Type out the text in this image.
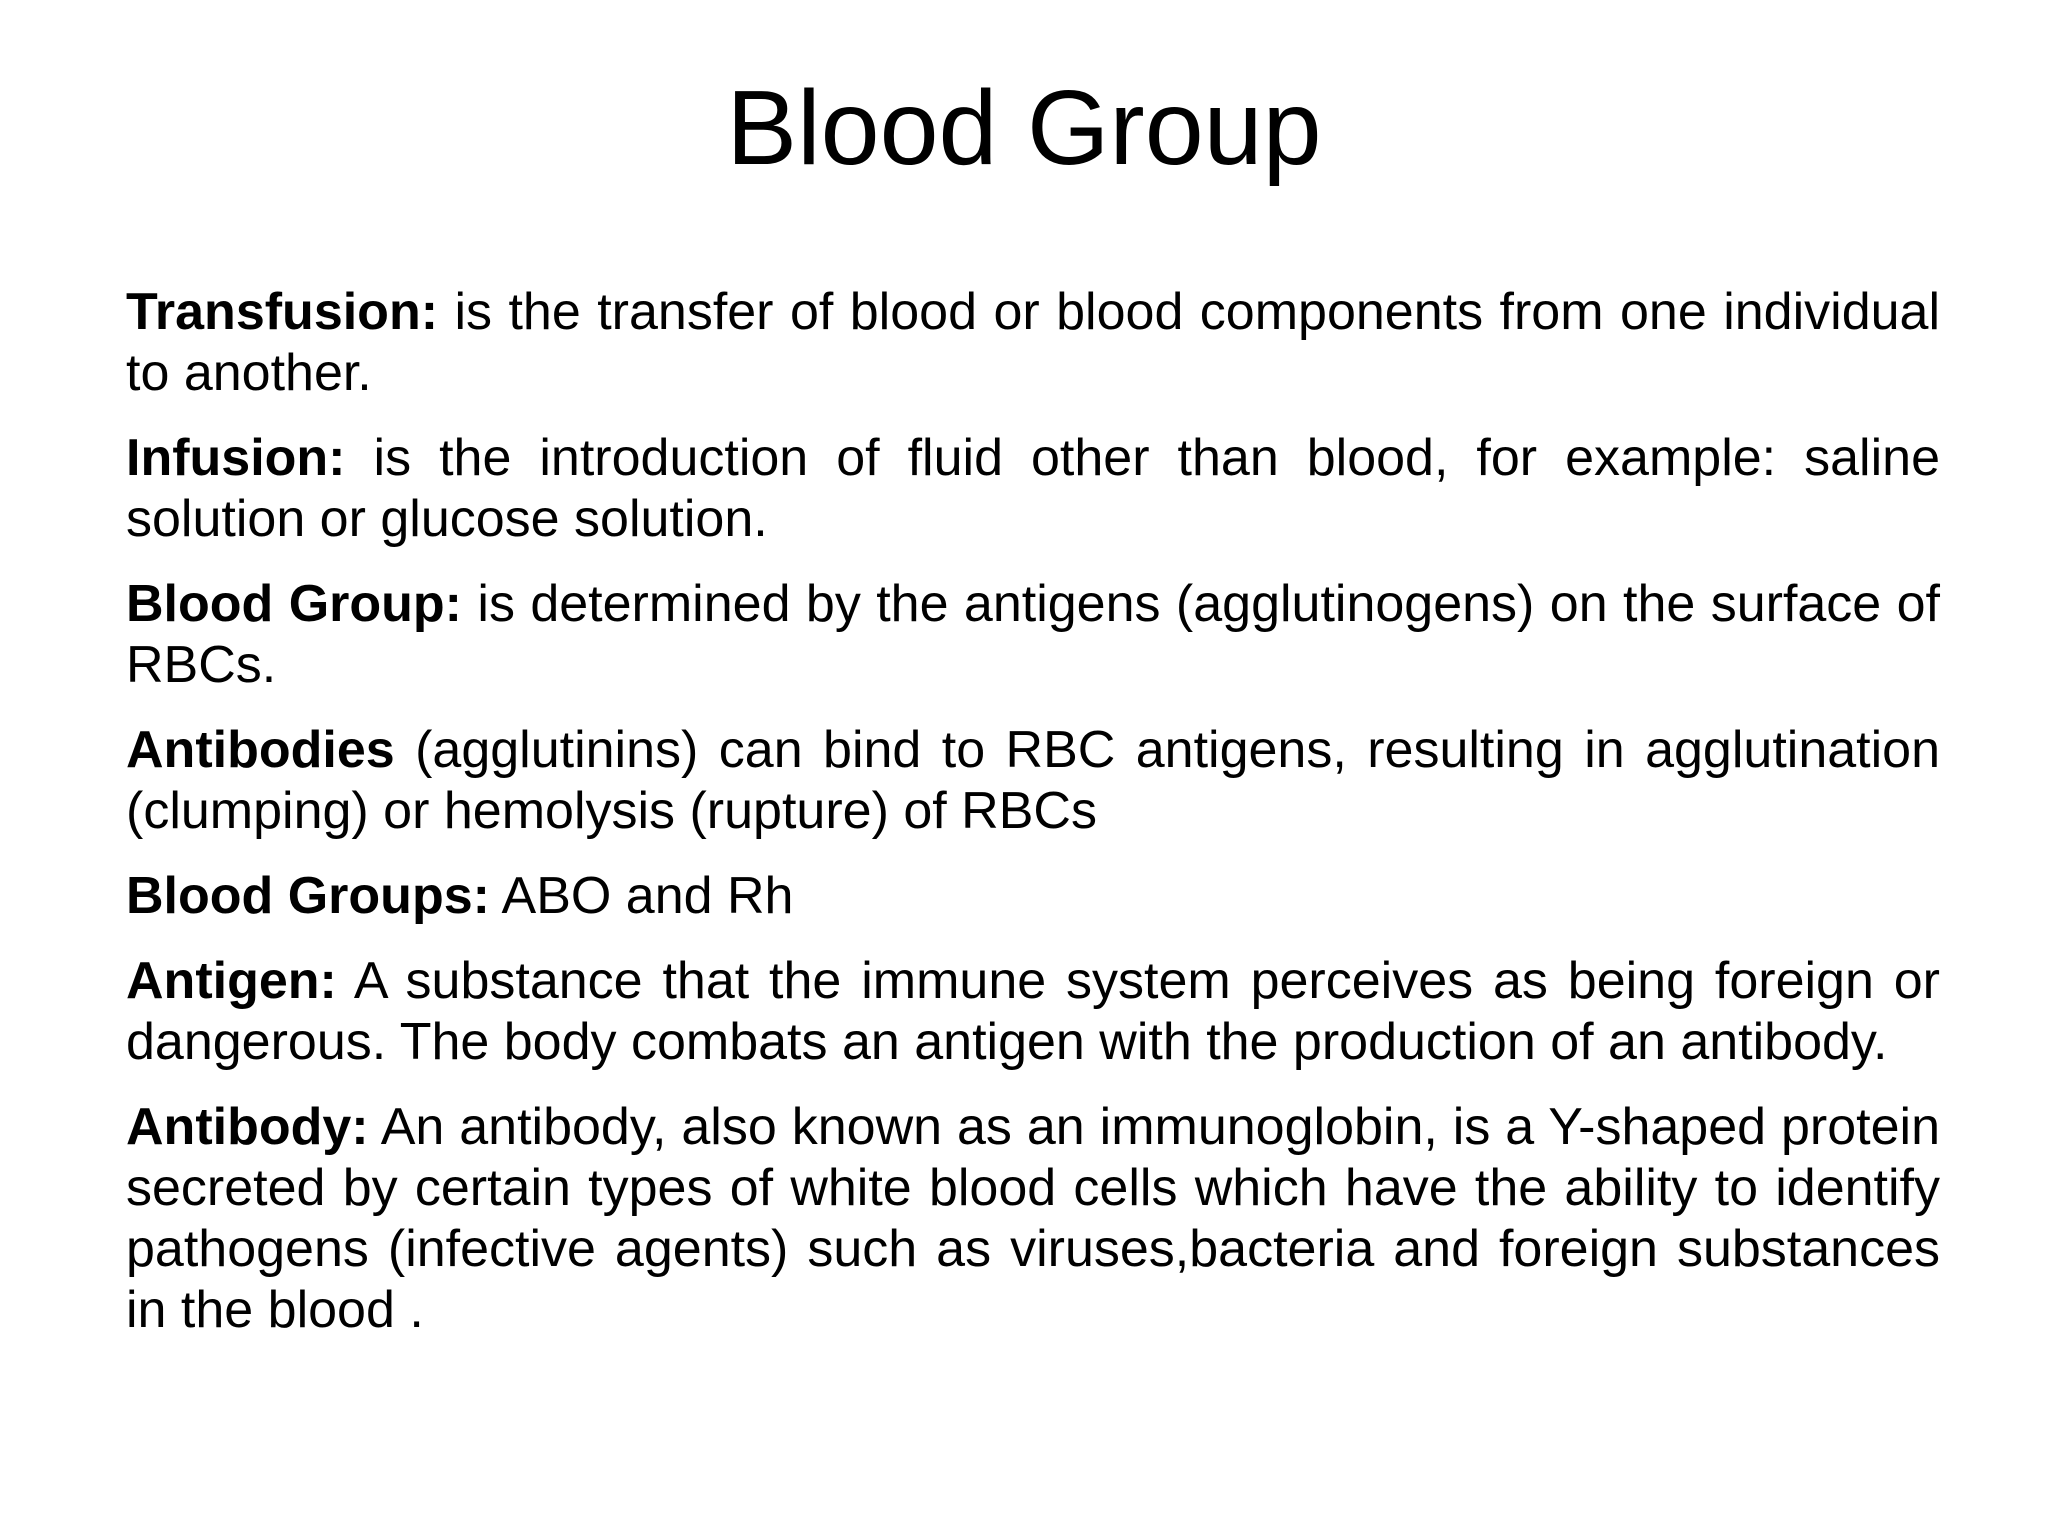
Blood Group

Transfusion: is the transfer of blood or blood components from one individual to another.

Infusion: is the introduction of fluid other than blood, for example: saline solution or glucose solution.

Blood Group: is determined by the antigens (agglutinogens) on the surface of RBCs.

Antibodies (agglutinins) can bind to RBC antigens, resulting in agglutination (clumping) or hemolysis (rupture) of RBCs

Blood Groups: ABO and Rh

Antigen: A substance that the immune system perceives as being foreign or dangerous. The body combats an antigen with the production of an antibody.

Antibody: An antibody, also known as an immunoglobin, is a Y-shaped protein secreted by certain types of white blood cells which have the ability to identify pathogens (infective agents) such as viruses,bacteria and foreign substances in the blood .
